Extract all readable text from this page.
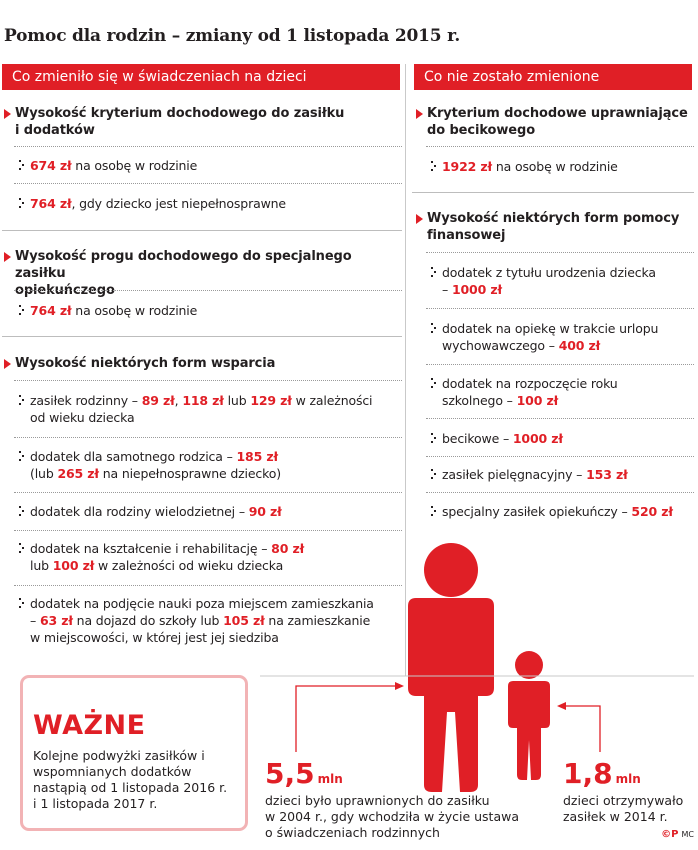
Pomoc dla rodzin – zmiany od 1 listopada 2015 r.
Co zmieniło się w świadczeniach na dzieci	Co nie zostało zmienione
Wysokość kryterium dochodowego do zasiłku
i dodatków
674 zł na osobę w rodzinie
764 zł, gdy dziecko jest niepełnosprawne
Wysokość progu dochodowego do specjalnego zasiłku
opiekuńczego
764 zł na osobę w rodzinie
Wysokość niektórych form wsparcia
zasiłek rodzinny – 89 zł, 118 zł lub 129 zł w zależności
od wieku dziecka
dodatek dla samotnego rodzica – 185 zł
(lub 265 zł na niepełnosprawne dziecko)
dodatek dla rodziny wielodzietnej – 90 zł
dodatek na kształcenie i rehabilitację – 80 zł
lub 100 zł w zależności od wieku dziecka
dodatek na podjęcie nauki poza miejscem zamieszkania
– 63 zł na dojazd do szkoły lub 105 zł na zamieszkanie
w miejscowości, w której jest jej siedziba
Kryterium dochodowe uprawniające
do becikowego
1922 zł na osobę w rodzinie
Wysokość niektórych form pomocy
finansowej
dodatek z tytułu urodzenia dziecka
– 1000 zł
dodatek na opiekę w trakcie urlopu
wychowawczego – 400 zł
dodatek na rozpoczęcie roku
szkolnego – 100 zł
becikowe – 1000 zł
zasiłek pielęgnacyjny – 153 zł
specjalny zasiłek opiekuńczy – 520 zł
WAŻNE
Kolejne podwyżki zasiłków i wspomnianych dodatków nastąpią od 1 listopada 2016 r. i 1 listopada 2017 r.
5,5 mln
dzieci było uprawnionych do zasiłku
w 2004 r., gdy wchodziła w życie ustawa
o świadczeniach rodzinnych
1,8 mln
dzieci otrzymywało
zasiłek w 2014 r.
©P MC
